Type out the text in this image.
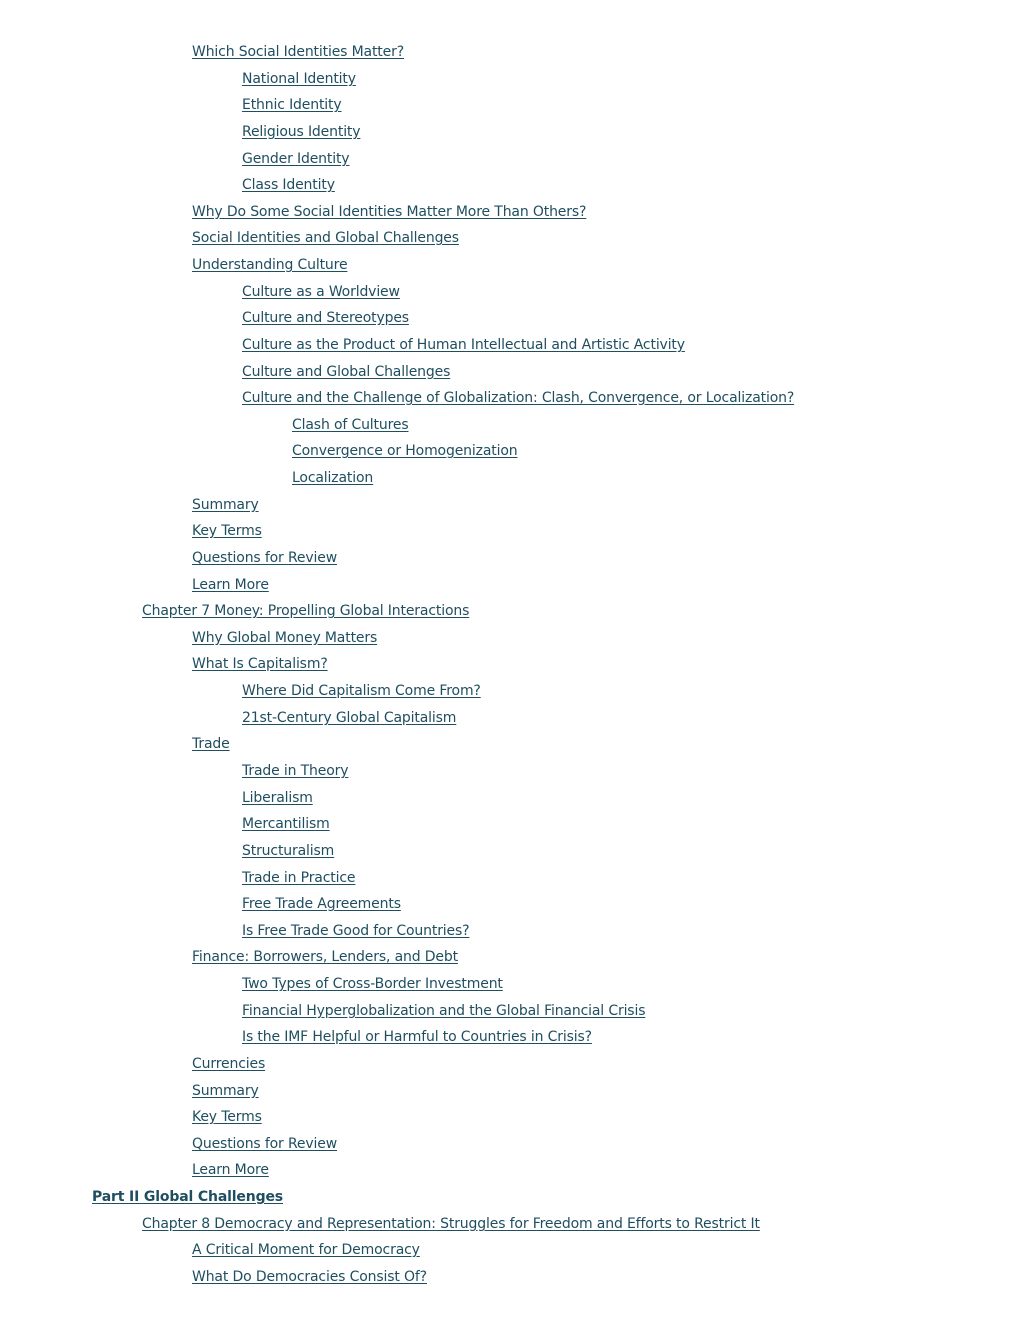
Which Social Identities Matter?
National Identity
Ethnic Identity
Religious Identity
Gender Identity
Class Identity
Why Do Some Social Identities Matter More Than Others?
Social Identities and Global Challenges
Understanding Culture
Culture as a Worldview
Culture and Stereotypes
Culture as the Product of Human Intellectual and Artistic Activity
Culture and Global Challenges
Culture and the Challenge of Globalization: Clash, Convergence, or Localization?
Clash of Cultures
Convergence or Homogenization
Localization
Summary
Key Terms
Questions for Review
Learn More
Chapter 7 Money: Propelling Global Interactions
Why Global Money Matters
What Is Capitalism?
Where Did Capitalism Come From?
21st-Century Global Capitalism
Trade
Trade in Theory
Liberalism
Mercantilism
Structuralism
Trade in Practice
Free Trade Agreements
Is Free Trade Good for Countries?
Finance: Borrowers, Lenders, and Debt
Two Types of Cross-Border Investment
Financial Hyperglobalization and the Global Financial Crisis
Is the IMF Helpful or Harmful to Countries in Crisis?
Currencies
Summary
Key Terms
Questions for Review
Learn More
Part II Global Challenges
Chapter 8 Democracy and Representation: Struggles for Freedom and Efforts to Restrict It
A Critical Moment for Democracy
What Do Democracies Consist Of?
